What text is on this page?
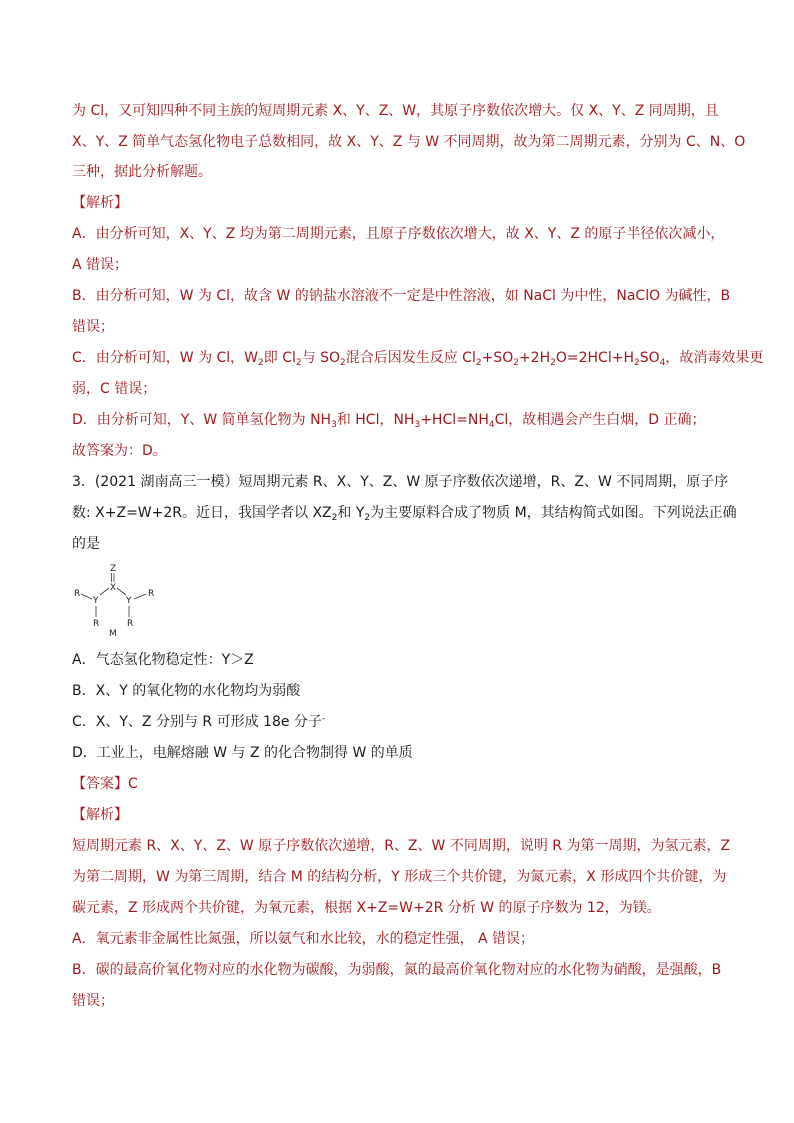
为 Cl，又可知四种不同主族的短周期元素 X、Y、Z、W，其原子序数依次增大。仅 X、Y、Z 同周期，且
X、Y、Z 简单气态氢化物电子总数相同，故 X、Y、Z 与 W 不同周期，故为第二周期元素，分别为 C、N、O
三种，据此分析解题。
【解析】
A．由分析可知，X、Y、Z 均为第二周期元素，且原子序数依次增大，故 X、Y、Z 的原子半径依次减小，
A 错误；
B．由分析可知，W 为 Cl，故含 W 的钠盐水溶液不一定是中性溶液，如 NaCl 为中性，NaClO 为碱性，B
错误；
C．由分析可知，W 为 Cl，$W_2$即 $Cl_2$与 $SO_2$混合后因发生反应 $Cl_2+SO_2+2H_2O=2HCl+H_2SO_4$，故消毒效果更
弱，C 错误；
D．由分析可知，Y、W 简单氢化物为 $NH_3$和 HCl，$NH_3+HCl=NH_4Cl$，故相遇会产生白烟，D 正确；
故答案为：D。
3．(2021 湖南高三一模）短周期元素 R、X、Y、Z、W 原子序数依次递增，R、Z、W 不同周期，原子序
数: X+Z=W+2R。近日，我国学者以 $XZ_2$和 $Y_2$为主要原料合成了物质 M，其结构简式如图。下列说法正确
的是
Z
X
Y	Y
R	R
R	R
M
A．气态氢化物稳定性：Y＞Z
B．X、Y 的氧化物的水化物均为弱酸
C．X、Y、Z 分别与 R 可形成 18e 分子-
D．工业上，电解熔融 W 与 Z 的化合物制得 W 的单质
【答案】C
【解析】
短周期元素 R、X、Y、Z、W 原子序数依次递增，R、Z、W 不同周期，说明 R 为第一周期，为氢元素，Z
为第二周期，W 为第三周期，结合 M 的结构分析，Y 形成三个共价键，为氮元素，X 形成四个共价键，为
碳元素，Z 形成两个共价键，为氧元素，根据 X+Z=W+2R 分析 W 的原子序数为 12，为镁。
A．氧元素非金属性比氮强，所以氨气和水比较，水的稳定性强， A 错误；
B．碳的最高价氧化物对应的水化物为碳酸，为弱酸，氮的最高价氧化物对应的水化物为硝酸，是强酸，B
错误；
